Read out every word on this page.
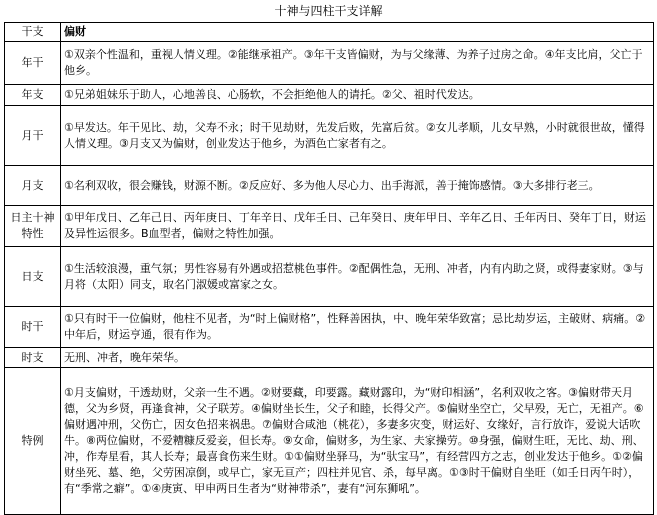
十神与四柱干支详解
干支	偏财
年干	①双亲个性温和，重视人情义理。②能继承祖产。③年干支皆偏财，为与父缘薄、为养子过房之命。④年支比肩，父亡于他乡。
年支	①兄弟姐妹乐于助人，心地善良、心肠软，不会拒绝他人的请托。②父、祖时代发达。
月干	①早发达。年干见比、劫，父寿不永；时干见劫财，先发后败，先富后贫。②女儿孝顺，儿女早熟，小时就很世故，懂得人情义理。③月支又为偏财，创业发达于他乡，为酒色亡家者有之。
月支	①名利双收，很会赚钱，财源不断。②反应好、多为他人尽心力、出手海派，善于掩饰感情。③大多排行老三。
日主十神特性	①甲年戊日、乙年己日、丙年庚日、丁年辛日、戊年壬日、己年癸日、庚年甲日、辛年乙日、壬年丙日、癸年丁日，财运及异性运很多。B血型者，偏财之特性加强。
日支	①生活较浪漫，重气氛；男性容易有外遇或招惹桃色事件。②配偶性急，无刑、冲者，内有内助之贤，或得妻家财。③与月将（太阳）同支，取名门淑媛或富家之女。
时干	①只有时干一位偏财，他柱不见者，为“时上偏财格”，性释善困执，中、晚年荣华致富；忌比劫岁运，主破财、病痛。②中年后，财运亨通，很有作为。
时支	无刑、冲者，晚年荣华。
特例	①月支偏财，干透劫财，父亲一生不遇。②财要藏，印要露。藏财露印，为“财印相涵”，名利双收之客。③偏财带天月德，父为乡贤，再逢食神，父子联芳。④偏财坐长生，父子和睦，长得父产。⑤偏财坐空亡，父早殁，无亡，无祖产。⑥偏财遇冲刑，父伤亡，因女色招来祸患。⑦偏财合咸池（桃花），多妻多灾变，财运好、女缘好，言行放诈，爱说大话吹牛。⑧两位偏财，不爱糟糠反爱妾，但长寿。⑨女命，偏财多，为生家、夫家操劳。⑩身强，偏财生旺，无比、劫、刑、冲，作寿星看，其人长寿；最喜食伤来生财。①①偏财坐驿马，为“驮宝马”，有经营四方之志，创业发达于他乡。①②偏财坐死、墓、绝，父劳困凉倒，或早亡，家无亘产；四柱并见官、杀，每早离。①③时干偏财自坐旺（如壬日丙午时），有“季常之癖”。①④庚寅、甲申两日生者为“财神带杀”，妻有“河东狮吼”。
